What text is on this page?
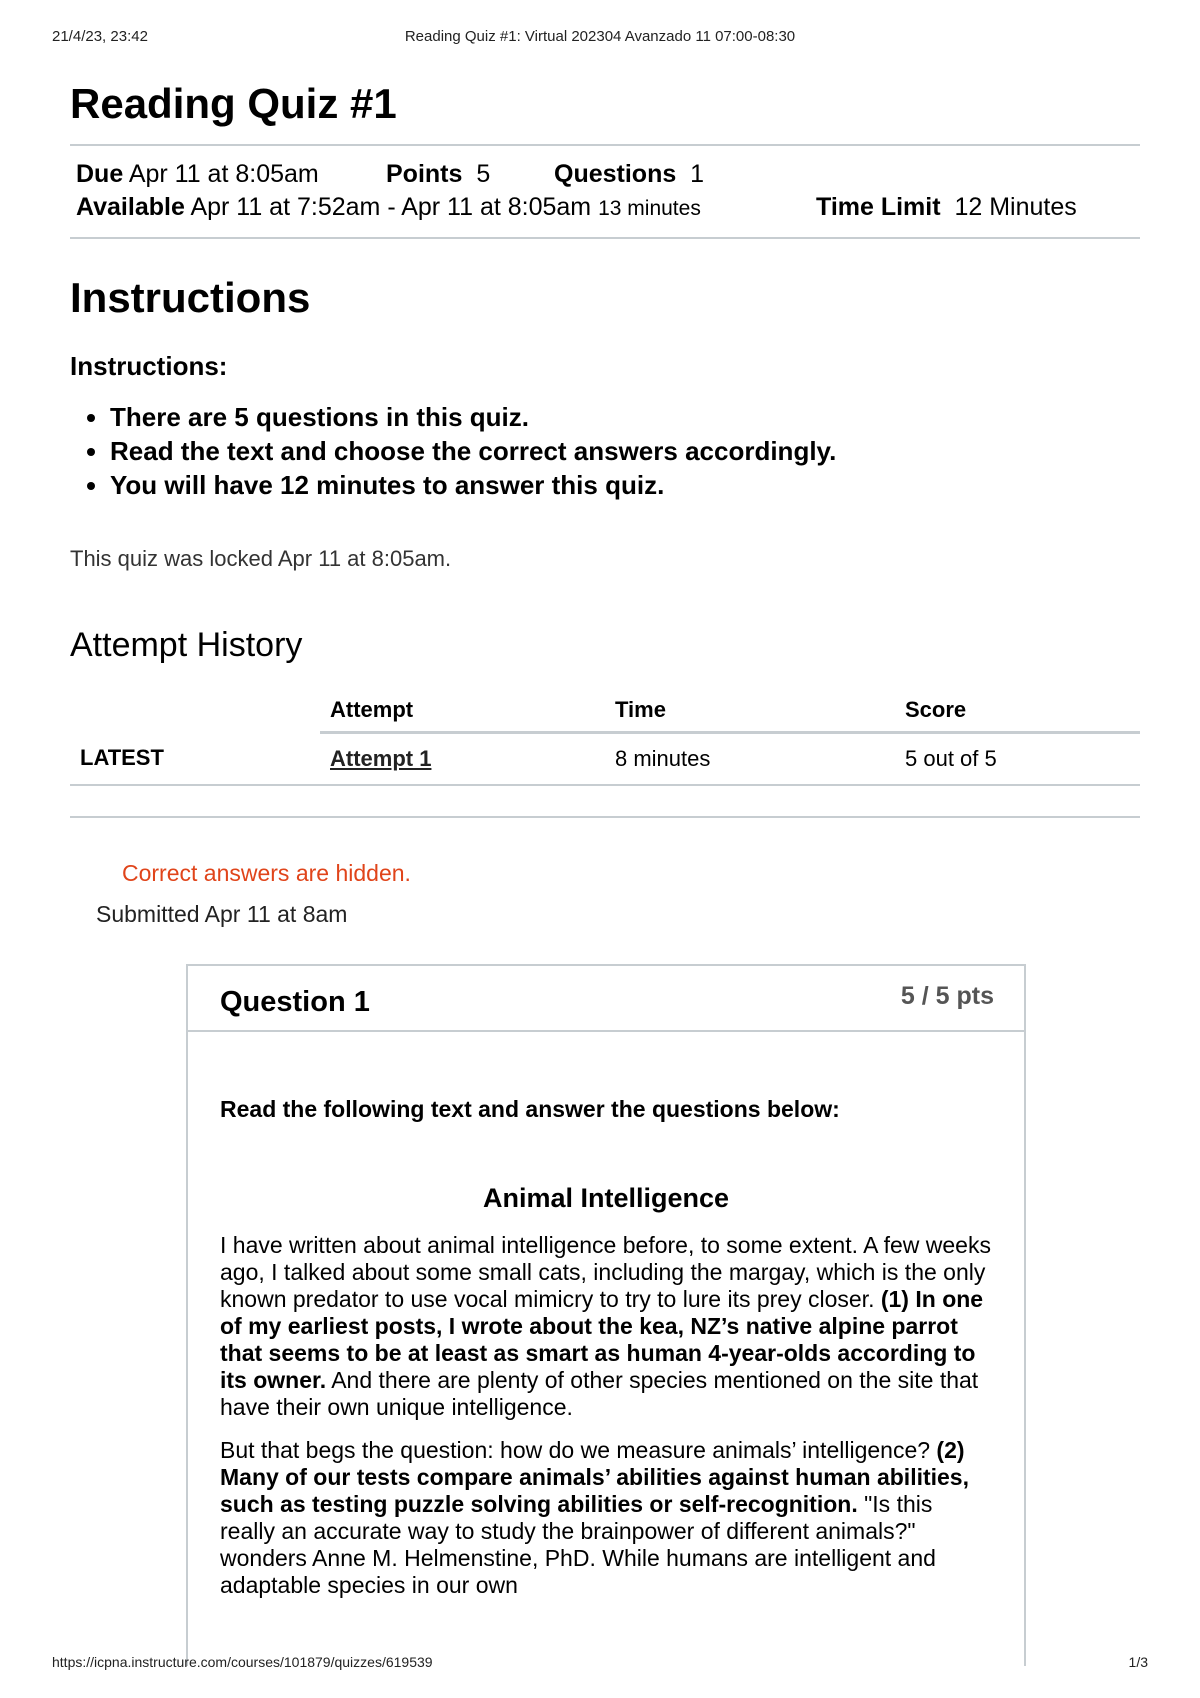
21/4/23, 23:42	Reading Quiz #1: Virtual 202304 Avanzado 11 07:00-08:30
Reading Quiz #1
Due Apr 11 at 8:05am	Points 5	Questions 1
Available Apr 11 at 7:52am - Apr 11 at 8:05am 13 minutes	Time Limit 12 Minutes
Instructions
Instructions:
• There are 5 questions in this quiz.
• Read the text and choose the correct answers accordingly.
• You will have 12 minutes to answer this quiz.
This quiz was locked Apr 11 at 8:05am.
Attempt History
	Attempt	Time	Score
LATEST	Attempt 1	8 minutes	5 out of 5
Correct answers are hidden.
Submitted Apr 11 at 8am
Question 1	5 / 5 pts
Read the following text and answer the questions below:
Animal Intelligence

I have written about animal intelligence before, to some extent. A few weeks ago, I talked about some small cats, including the margay, which is the only known predator to use vocal mimicry to try to lure its prey closer. (1) In one of my earliest posts, I wrote about the kea, NZ’s native alpine parrot that seems to be at least as smart as human 4-year-olds according to its owner. And there are plenty of other species mentioned on the site that have their own unique intelligence.

But that begs the question: how do we measure animals’ intelligence? (2) Many of our tests compare animals’ abilities against human abilities, such as testing puzzle solving abilities or self-recognition. "Is this really an accurate way to study the brainpower of different animals?" wonders Anne M. Helmenstine, PhD. While humans are intelligent and adaptable species in our own

https://icpna.instructure.com/courses/101879/quizzes/619539	1/3
